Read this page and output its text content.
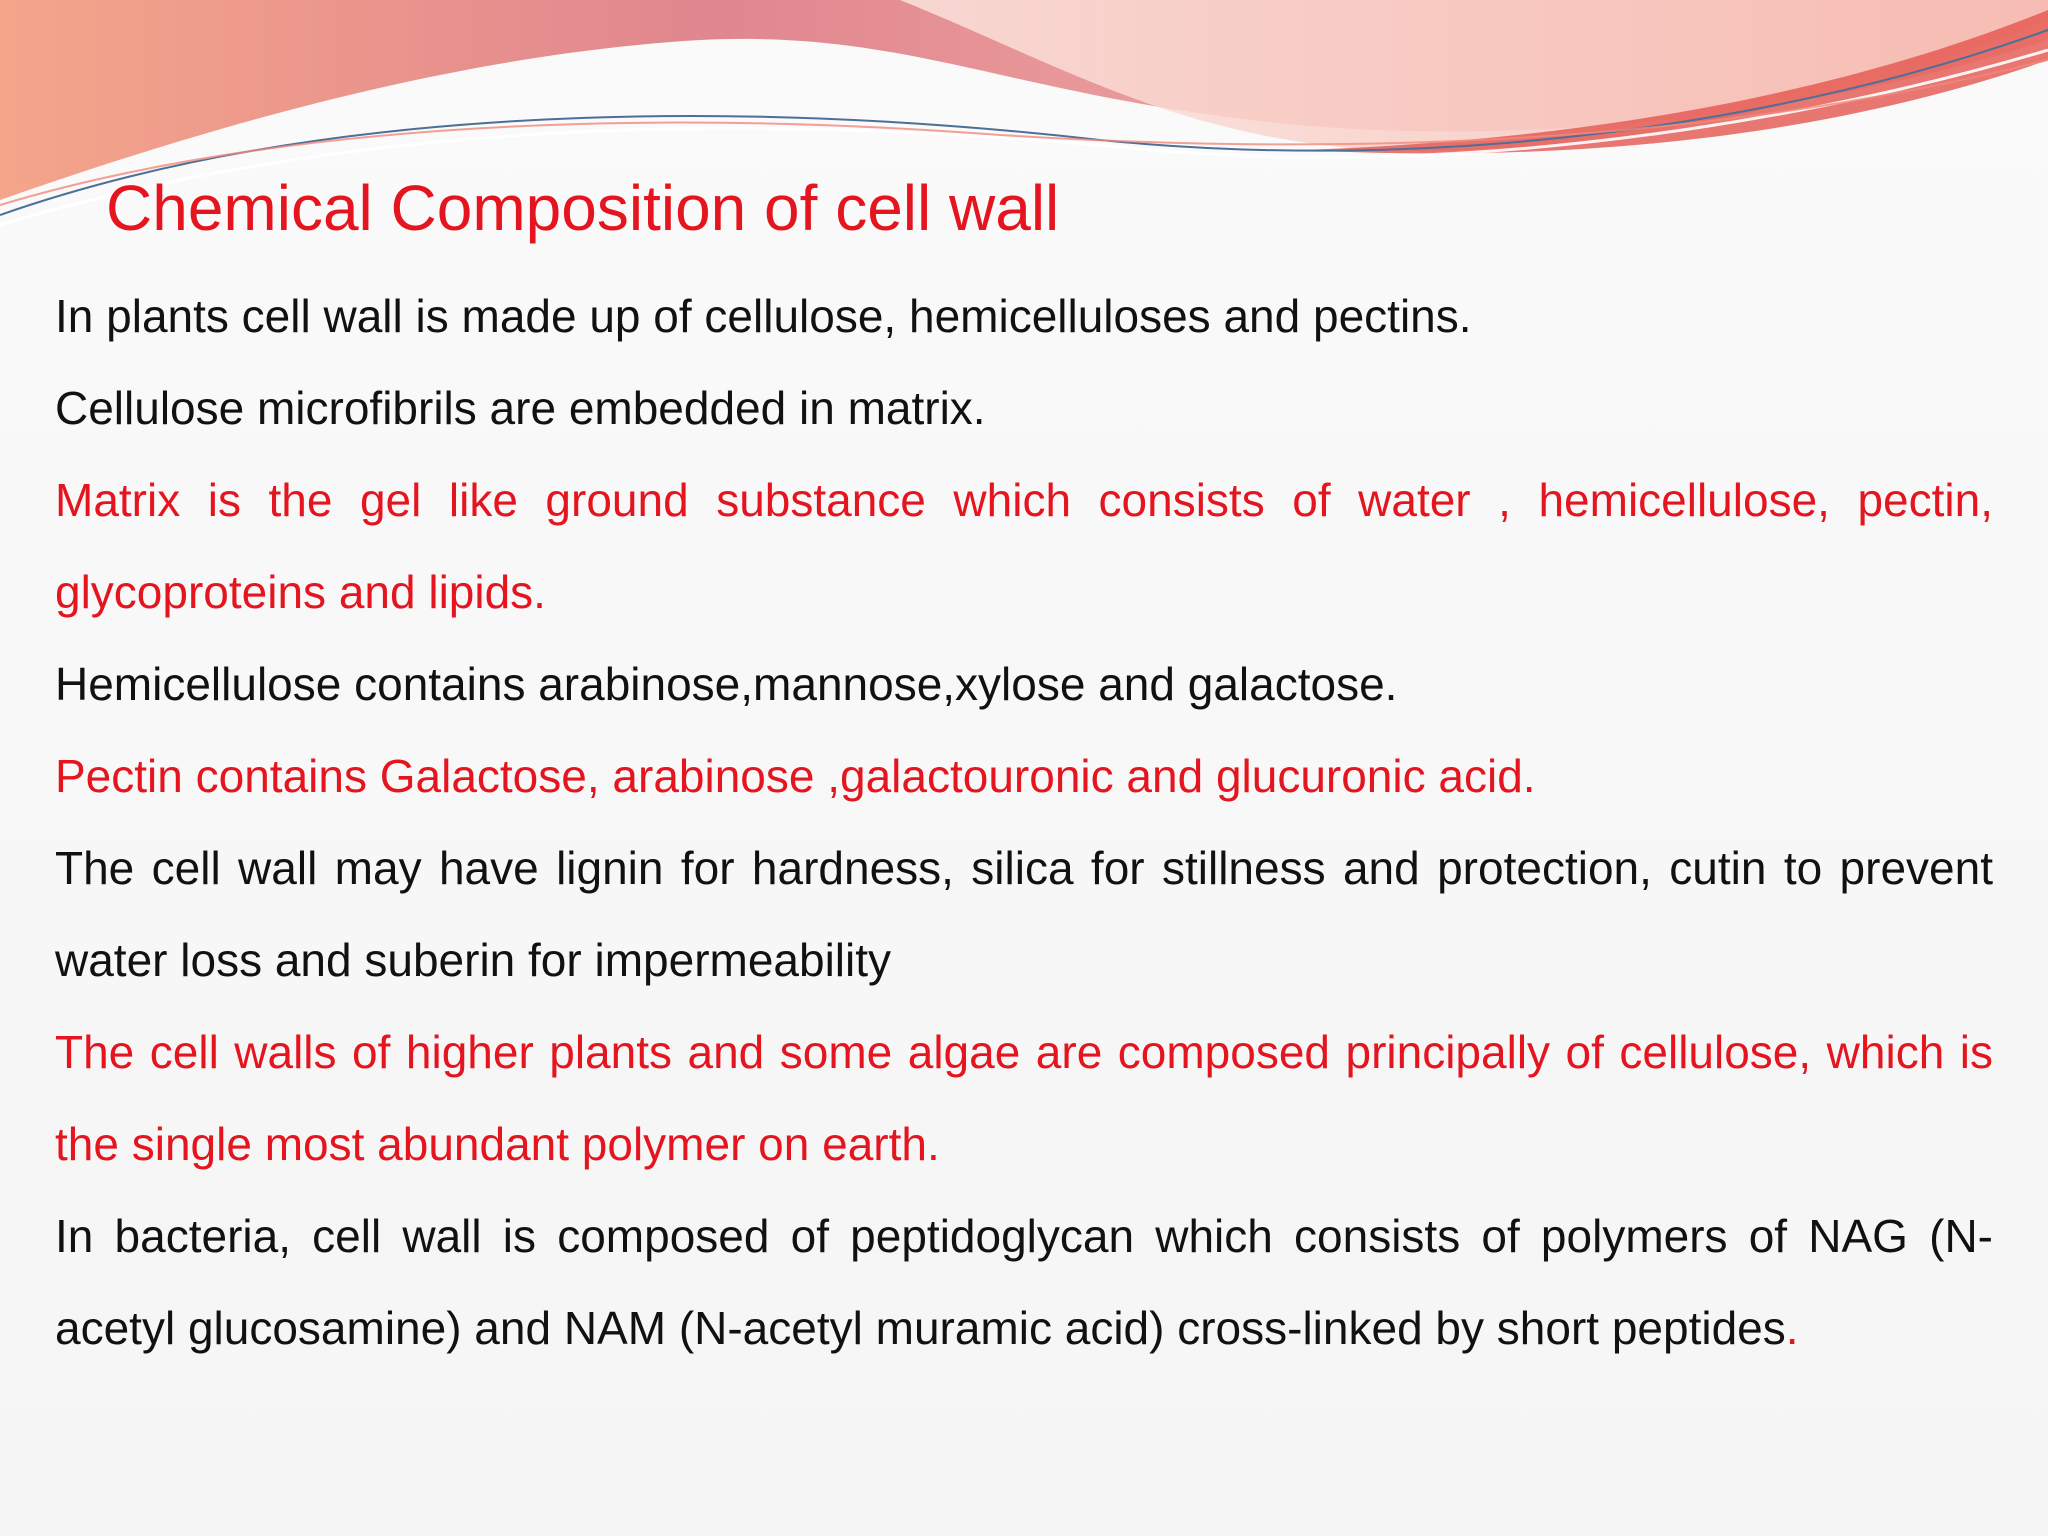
Chemical Composition of cell wall

In plants cell wall is made up of cellulose, hemicelluloses and pectins.

Cellulose microfibrils are embedded in matrix.

Matrix is the gel like ground substance which consists of water , hemicellulose, pectin, glycoproteins and lipids.

Hemicellulose contains arabinose,mannose,xylose and galactose.

Pectin contains Galactose, arabinose ,galactouronic and glucuronic acid.

The cell wall may have lignin for hardness, silica for stillness and protection, cutin to prevent water loss and suberin for impermeability

The cell walls of higher plants and some algae are composed principally of cellulose, which is the single most abundant polymer on earth.

In bacteria, cell wall is composed of peptidoglycan which consists of polymers of NAG (N-acetyl glucosamine) and NAM (N-acetyl muramic acid) cross-linked by short peptides.
